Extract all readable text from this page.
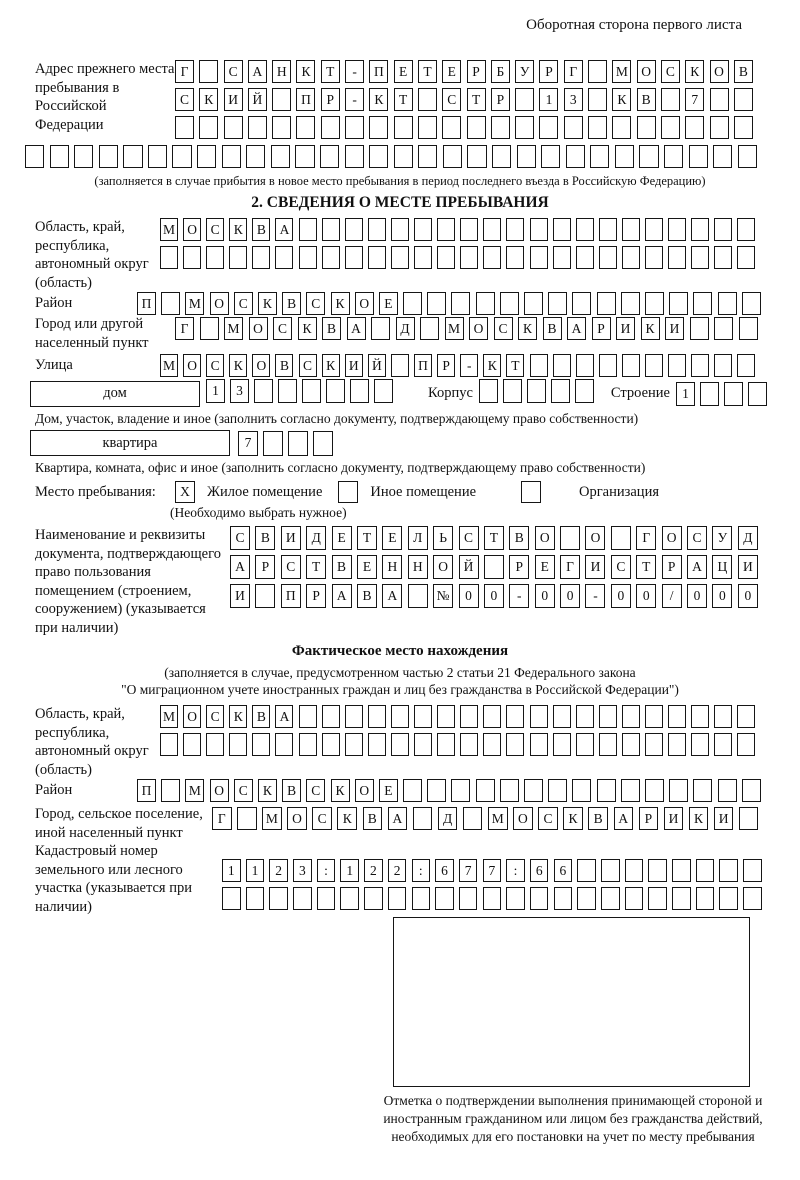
Оборотная сторона первого листа
Адрес прежнего места пребывания в Российской Федерации
Г	С	А	Н	К	Т	-	П	Е	Т	Е	Р	Б	У	Р	Г	М О	С	К	О	В
С	К	И	Й	П	Р	-	К	Т	С	Т	Р	1	3	К	В	7
(заполняется в случае прибытия в новое место пребывания в период последнего въезда в Российскую Федерацию)
2. СВЕДЕНИЯ О МЕСТЕ ПРЕБЫВАНИЯ
Область, край, республика, автономный округ (область)
М О	С	К	В	А
Район	П	М О	С	К	В	С	К	О	Е
Город или другой населенный пункт
Г	М	О	С	К	В	А	Д	М	О	С	К	В	А	Р	И	К	И
Улица	М О	С	К	О	В	С	К	И Й	П	Р	-	К	Т
дом	1	3	Корпус	Строение 1
Дом, участок, владение и иное (заполнить согласно документу, подтверждающему право собственности)
квартира	7
Квартира, комната, офис и иное (заполнить согласно документу, подтверждающему право собственности)
Место пребывания:	X	Жилое помещение	Иное помещение	Организация
(Необходимо выбрать нужное)
Наименование и реквизиты документа, подтверждающего право пользования помещением (строением, сооружением) (указывается при наличии)
С	В	И	Д	Е	Т	Е	Л	Ь	С	Т	В	О	О	Г	О	С	У	Д
А	Р	С	Т	В	Е	Н	Н	О	Й	Р	Е	Г	И	С	Т	Р	А	Ц	И
И	П	Р	А	В	А	№	0	0	-	0	0	-	0	0	/	0	0	0
Фактическое место нахождения
(заполняется в случае, предусмотренном частью 2 статьи 21 Федерального закона
"О миграционном учете иностранных граждан и лиц без гражданства в Российской Федерации")
Область, край, республика, автономный округ (область)
М О	С	К	В	А
Район	П	М О	С	К	В	С	К	О	Е
Город, сельское поселение, иной населенный пункт
Г	М	О	С	К	В	А	Д	М	О	С	К	В	А	Р	И	К	И
Кадастровый номер земельного или лесного участка (указывается при наличии)
1	1	2	3	:	1	2	2	:	6	7	7	:	6	6
Отметка о подтверждении выполнения принимающей стороной и иностранным гражданином или лицом без гражданства действий, необходимых для его постановки на учет по месту пребывания
